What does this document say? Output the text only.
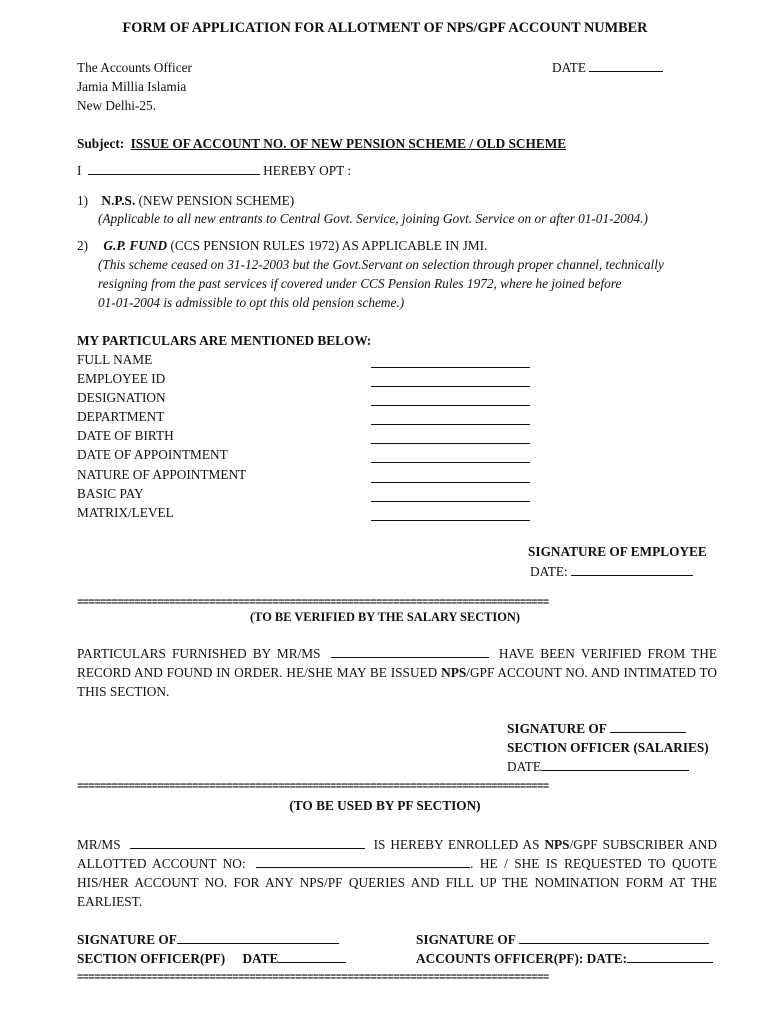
FORM OF APPLICATION FOR ALLOTMENT OF NPS/GPF ACCOUNT NUMBER
The Accounts Officer
Jamia Millia Islamia
New Delhi-25.
DATE
Subject: ISSUE OF ACCOUNT NO. OF NEW PENSION SCHEME / OLD SCHEME
I	HEREBY OPT :
1) N.P.S. (NEW PENSION SCHEME)
(Applicable to all new entrants to Central Govt. Service, joining Govt. Service on or after 01-01-2004.)
2) G.P. FUND (CCS PENSION RULES 1972) AS APPLICABLE IN JMI.
(This scheme ceased on 31-12-2003 but the Govt.Servant on selection through proper channel, technically
resigning from the past services if covered under CCS Pension Rules 1972, where he joined before
01-01-2004 is admissible to opt this old pension scheme.)
MY PARTICULARS ARE MENTIONED BELOW:
FULL NAME
EMPLOYEE ID
DESIGNATION
DEPARTMENT
DATE OF BIRTH
DATE OF APPOINTMENT
NATURE OF APPOINTMENT
BASIC PAY
MATRIX/LEVEL
SIGNATURE OF EMPLOYEE
DATE:
==================================================================================
(TO BE VERIFIED BY THE SALARY SECTION)
PARTICULARS FURNISHED BY MR/MS	HAVE BEEN VERIFIED FROM THE RECORD AND FOUND IN ORDER. HE/SHE MAY BE ISSUED NPS/GPF ACCOUNT NO. AND INTIMATED TO THIS SECTION.
SIGNATURE OF
SECTION OFFICER (SALARIES)
DATE
==================================================================================
(TO BE USED BY PF SECTION)
MR/MS	IS HEREBY ENROLLED AS NPS/GPF SUBSCRIBER AND ALLOTTED ACCOUNT NO:	. HE / SHE IS REQUESTED TO QUOTE HIS/HER ACCOUNT NO. FOR ANY NPS/PF QUERIES AND FILL UP THE NOMINATION FORM AT THE EARLIEST.
SIGNATURE OF
SECTION OFFICER(PF) DATE
SIGNATURE OF
ACCOUNTS OFFICER(PF): DATE:
==================================================================================
